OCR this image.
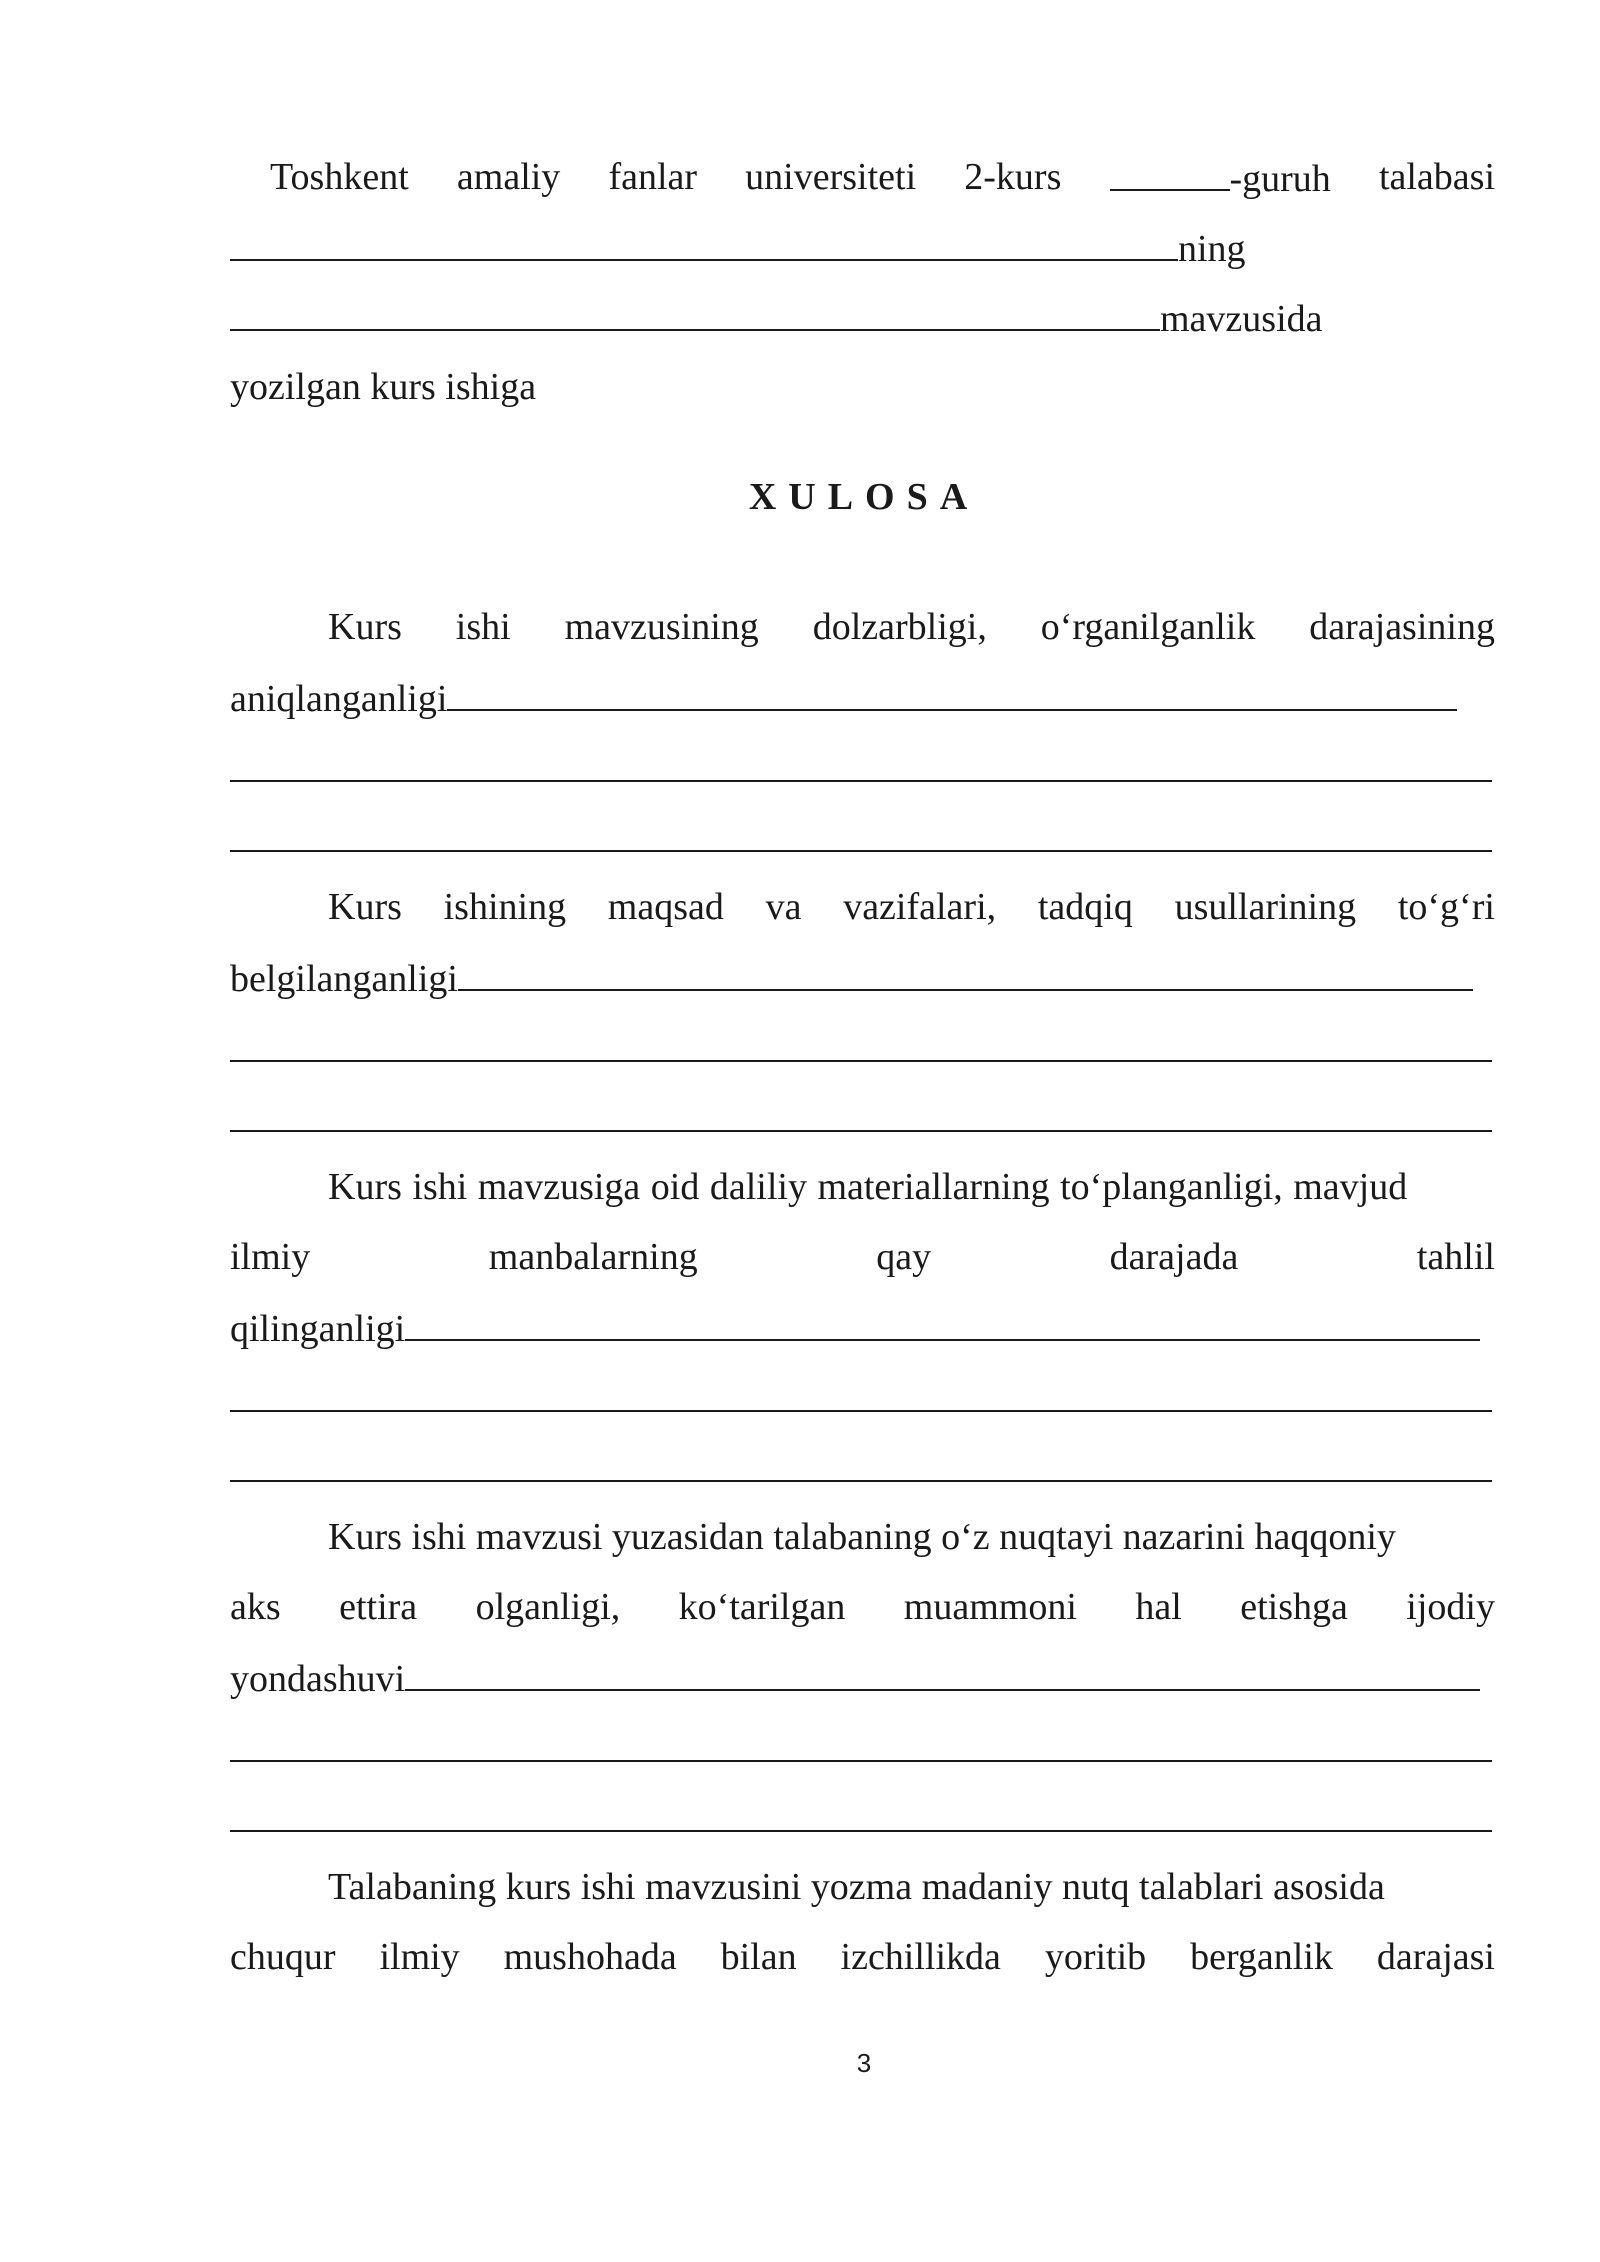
Toshkent amaliy fanlar universiteti 2-kurs	-guruh talabasi
ning
mavzusida
yozilgan kurs ishiga
XULOSA
Kurs ishi mavzusining dolzarbligi, o‘rganilganlik darajasining
aniqlanganligi
Kurs ishining maqsad va vazifalari, tadqiq usullarining to‘g‘ri
belgilanganligi
Kurs ishi mavzusiga oid daliliy materiallarning to‘planganligi, mavjud
ilmiy	manbalarning	qay	darajada	tahlil
qilinganligi
Kurs ishi mavzusi yuzasidan talabaning o‘z nuqtayi nazarini haqqoniy
aks ettira olganligi, ko‘tarilgan muammoni hal etishga ijodiy
yondashuvi
Talabaning kurs ishi mavzusini yozma madaniy nutq talablari asosida
chuqur ilmiy mushohada bilan izchillikda yoritib berganlik darajasi
3
